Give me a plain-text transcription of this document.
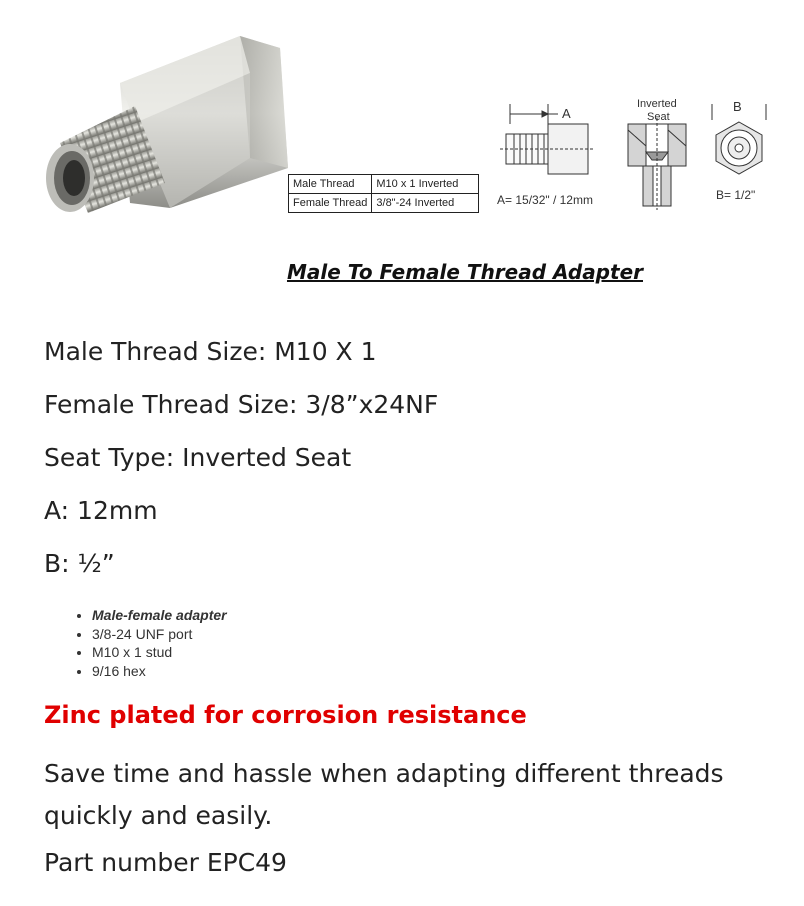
Male Thread	M10 x 1 Inverted
Female Thread	3/8"-24 Inverted
A
Inverted
Seat
B
A= 15/32" / 12mm	B= 1/2"
Male To Female Thread Adapter
Male Thread Size: M10 X 1
Female Thread Size: 3/8”x24NF
Seat Type: Inverted Seat
A: 12mm
B: ½”
• Male-female adapter
• 3/8-24 UNF port
• M10 x 1 stud
• 9/16 hex
Zinc plated for corrosion resistance
Save time and hassle when adapting different threads quickly and easily.
Part number EPC49
